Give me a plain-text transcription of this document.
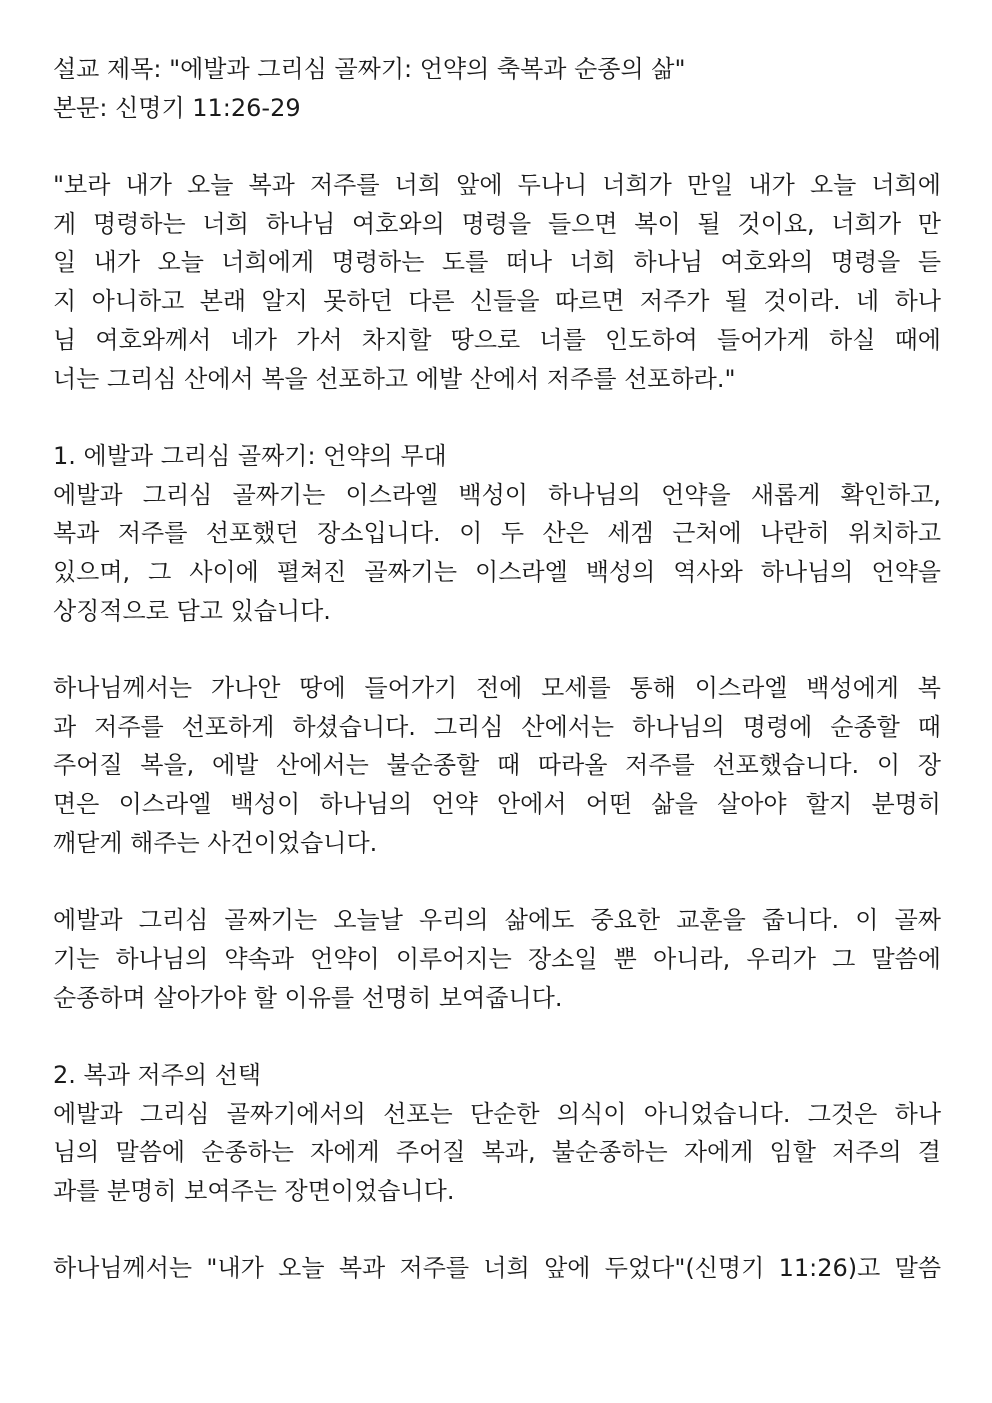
설교 제목: "에발과 그리심 골짜기: 언약의 축복과 순종의 삶"
본문: 신명기 11:26-29
"보라 내가 오늘 복과 저주를 너희 앞에 두나니 너희가 만일 내가 오늘 너희에
게 명령하는 너희 하나님 여호와의 명령을 들으면 복이 될 것이요, 너희가 만
일 내가 오늘 너희에게 명령하는 도를 떠나 너희 하나님 여호와의 명령을 듣
지 아니하고 본래 알지 못하던 다른 신들을 따르면 저주가 될 것이라. 네 하나
님 여호와께서 네가 가서 차지할 땅으로 너를 인도하여 들어가게 하실 때에
너는 그리심 산에서 복을 선포하고 에발 산에서 저주를 선포하라."
1. 에발과 그리심 골짜기: 언약의 무대
에발과 그리심 골짜기는 이스라엘 백성이 하나님의 언약을 새롭게 확인하고,
복과 저주를 선포했던 장소입니다. 이 두 산은 세겜 근처에 나란히 위치하고
있으며, 그 사이에 펼쳐진 골짜기는 이스라엘 백성의 역사와 하나님의 언약을
상징적으로 담고 있습니다.
하나님께서는 가나안 땅에 들어가기 전에 모세를 통해 이스라엘 백성에게 복
과 저주를 선포하게 하셨습니다. 그리심 산에서는 하나님의 명령에 순종할 때
주어질 복을, 에발 산에서는 불순종할 때 따라올 저주를 선포했습니다. 이 장
면은 이스라엘 백성이 하나님의 언약 안에서 어떤 삶을 살아야 할지 분명히
깨닫게 해주는 사건이었습니다.
에발과 그리심 골짜기는 오늘날 우리의 삶에도 중요한 교훈을 줍니다. 이 골짜
기는 하나님의 약속과 언약이 이루어지는 장소일 뿐 아니라, 우리가 그 말씀에
순종하며 살아가야 할 이유를 선명히 보여줍니다.
2. 복과 저주의 선택
에발과 그리심 골짜기에서의 선포는 단순한 의식이 아니었습니다. 그것은 하나
님의 말씀에 순종하는 자에게 주어질 복과, 불순종하는 자에게 임할 저주의 결
과를 분명히 보여주는 장면이었습니다.
하나님께서는 "내가 오늘 복과 저주를 너희 앞에 두었다"(신명기 11:26)고 말씀
